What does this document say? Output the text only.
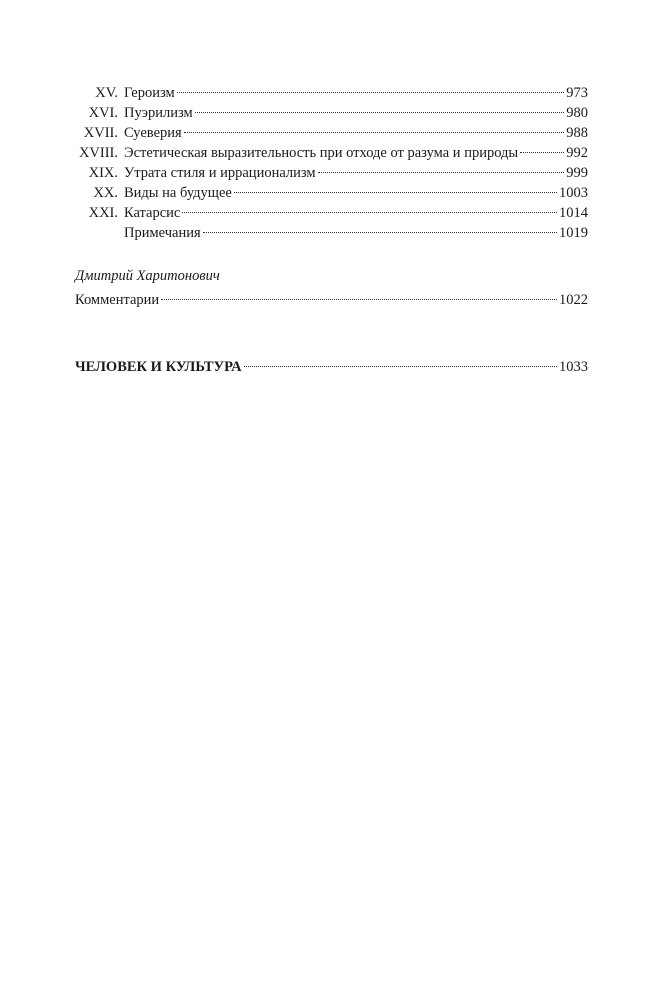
XV. Героизм	973
XVI. Пуэрилизм	980
XVII. Суеверия	988
XVIII. Эстетическая выразительность при отходе от разума и природы	992
XIX. Утрата стиля и иррационализм	999
XX. Виды на будущее	1003
XXI. Катарсис	1014
Примечания	1019
Дмитрий Харитонович
Комментарии	1022
ЧЕЛОВЕК И КУЛЬТУРА	1033
